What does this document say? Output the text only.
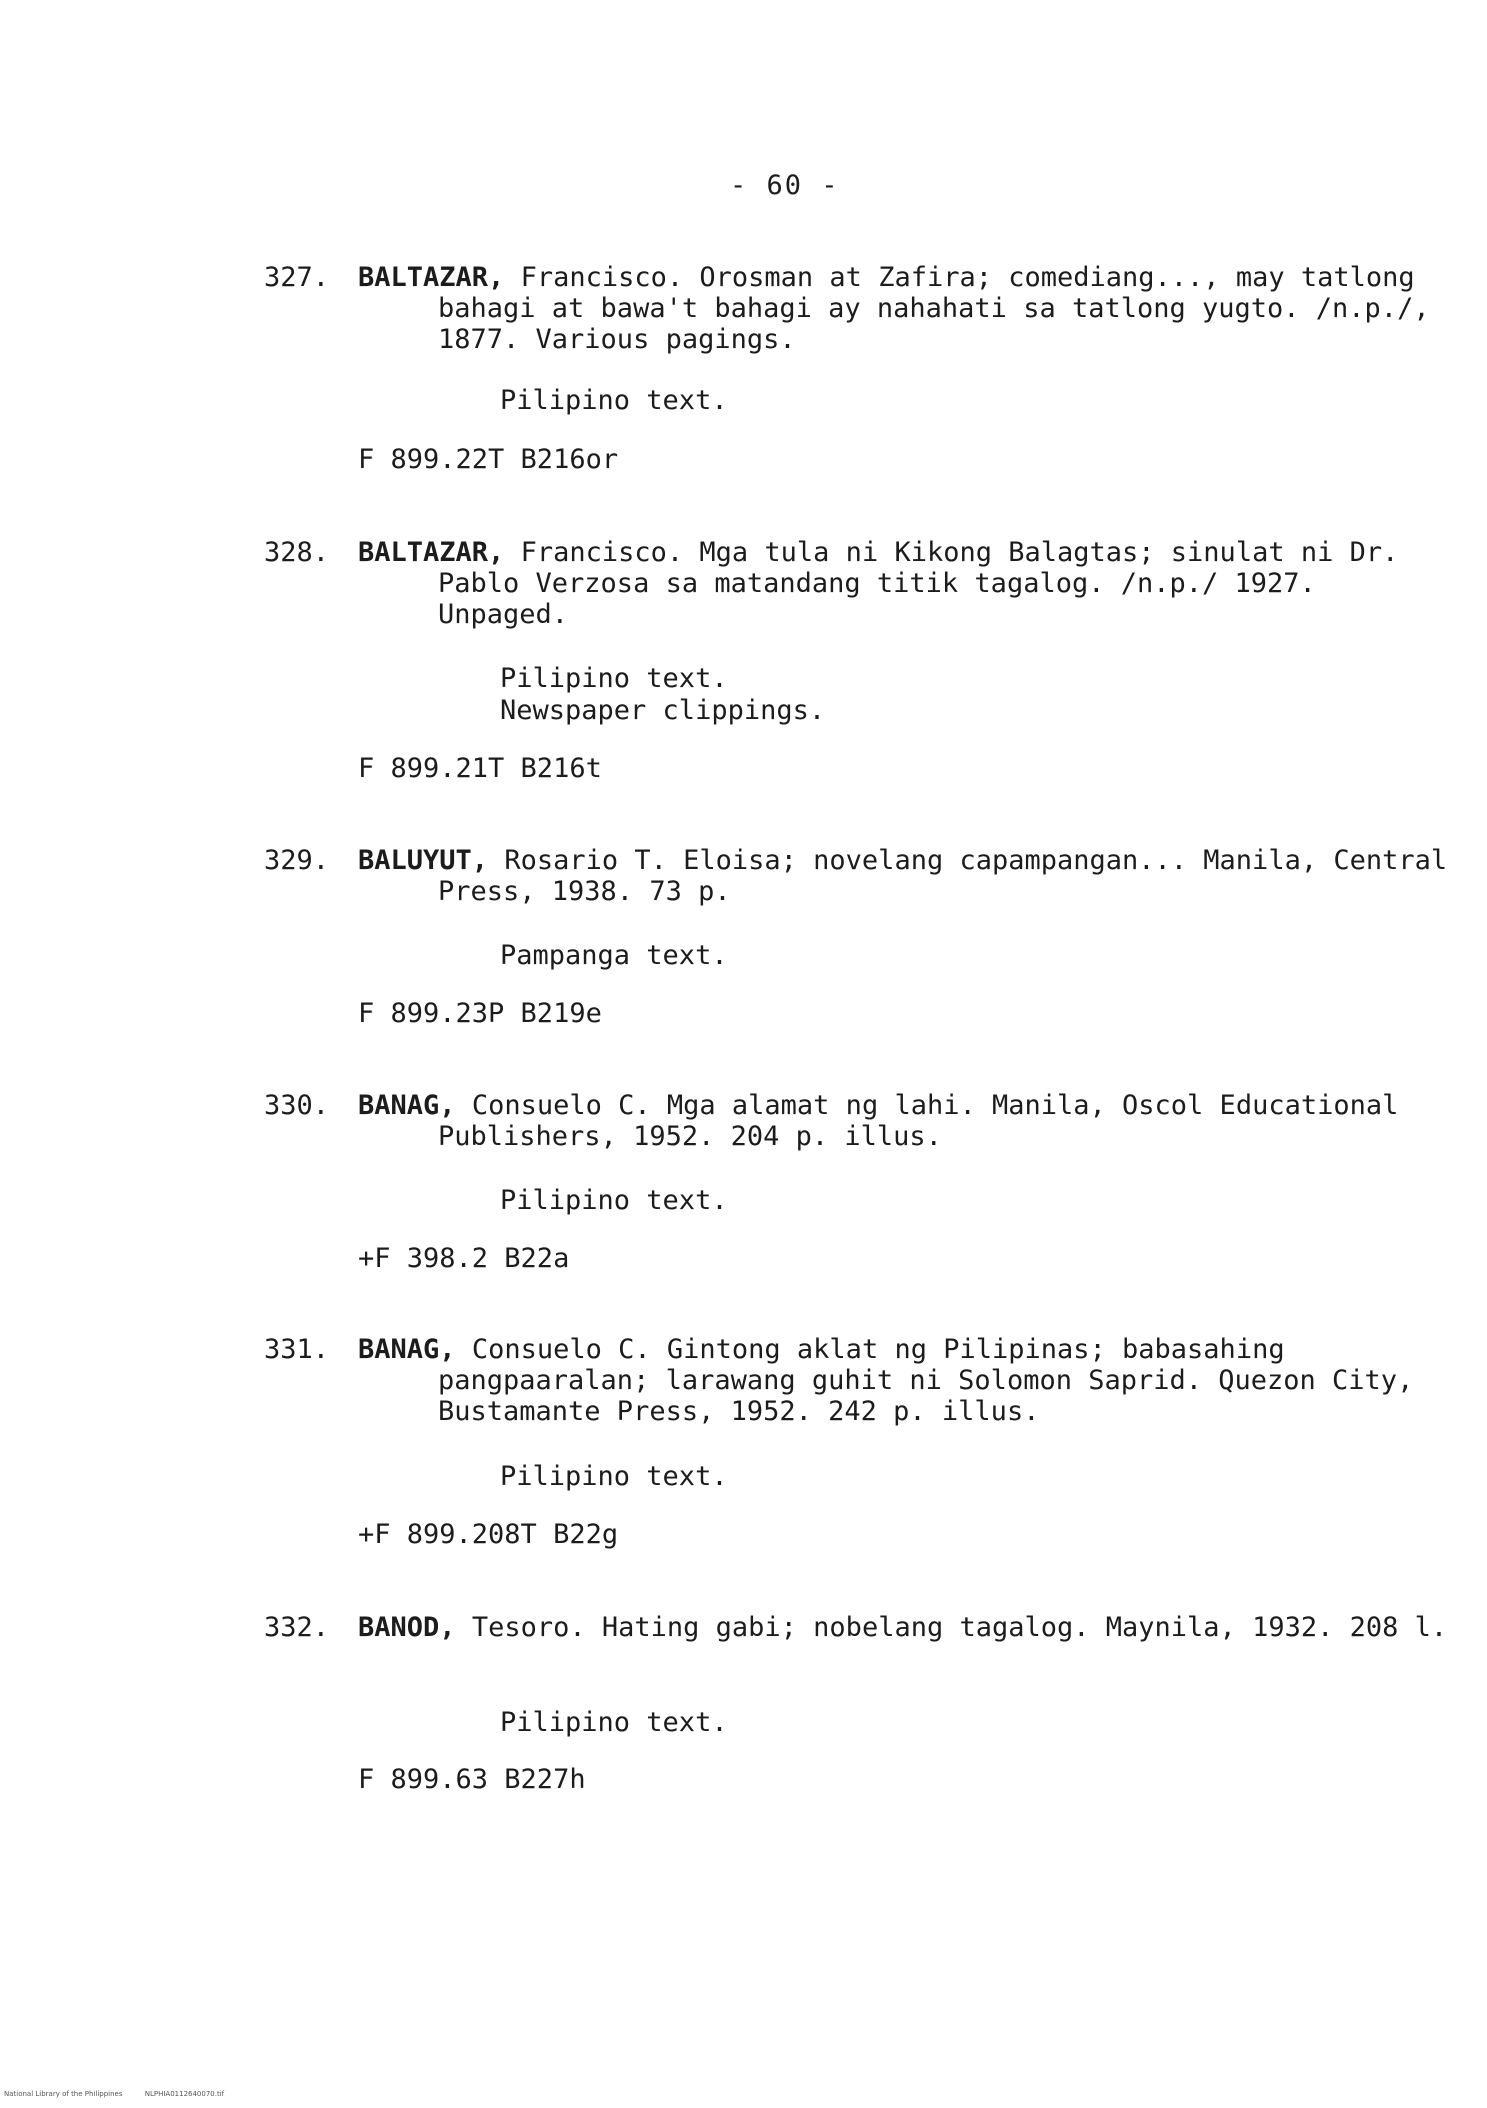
- 60 -
327. BALTAZAR, Francisco. Orosman at Zafira; comediang..., may tatlong bahagi at bawa't bahagi ay nahahati sa tatlong yugto. /n.p./, 1877. Various pagings.
Pilipino text.
F 899.22T B216or
328. BALTAZAR, Francisco. Mga tula ni Kikong Balagtas; sinulat ni Dr. Pablo Verzosa sa matandang titik tagalog. /n.p./ 1927. Unpaged.
Pilipino text.
Newspaper clippings.
F 899.21T B216t
329. BALUYUT, Rosario T. Eloisa; novelang capampangan... Manila, Central Press, 1938. 73 p.
Pampanga text.
F 899.23P B219e
330. BANAG, Consuelo C. Mga alamat ng lahi. Manila, Oscol Educational Publishers, 1952. 204 p. illus.
Pilipino text.
+F 398.2 B22a
331. BANAG, Consuelo C. Gintong aklat ng Pilipinas; babasahing pangpaaralan; larawang guhit ni Solomon Saprid. Quezon City, Bustamante Press, 1952. 242 p. illus.
Pilipino text.
+F 899.208T B22g
332. BANOD, Tesoro. Hating gabi; nobelang tagalog. Maynila, 1932. 208 l.
Pilipino text.
F 899.63 B227h
National Library of the Philippines	NLPHIA0112640070.tif
